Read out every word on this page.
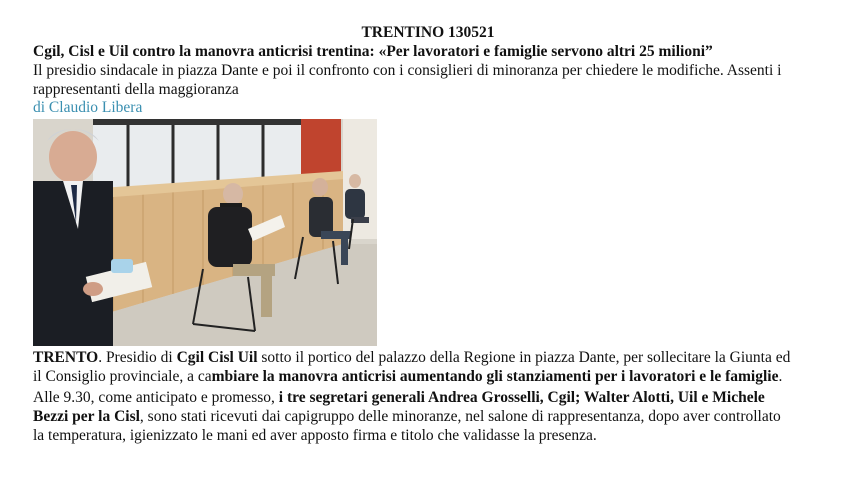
TRENTINO 130521

Cgil, Cisl e Uil contro la manovra anticrisi trentina: «Per lavoratori e famiglie servono altri 25 milioni”

Il presidio sindacale in piazza Dante e poi il confronto con i consiglieri di minoranza per chiedere le modifiche. Assenti i rappresentanti della maggioranza

di Claudio Libera

TRENTO. Presidio di Cgil Cisl Uil sotto il portico del palazzo della Regione in piazza Dante, per sollecitare la Giunta ed il Consiglio provinciale, a cambiare la manovra anticrisi aumentando gli stanziamenti per i lavoratori e le famiglie.

Alle 9.30, come anticipato e promesso, i tre segretari generali Andrea Grosselli, Cgil; Walter Alotti, Uil e Michele Bezzi per la Cisl, sono stati ricevuti dai capigruppo delle minoranze, nel salone di rappresentanza, dopo aver controllato la temperatura, igienizzato le mani ed aver apposto firma e titolo che validasse la presenza.
